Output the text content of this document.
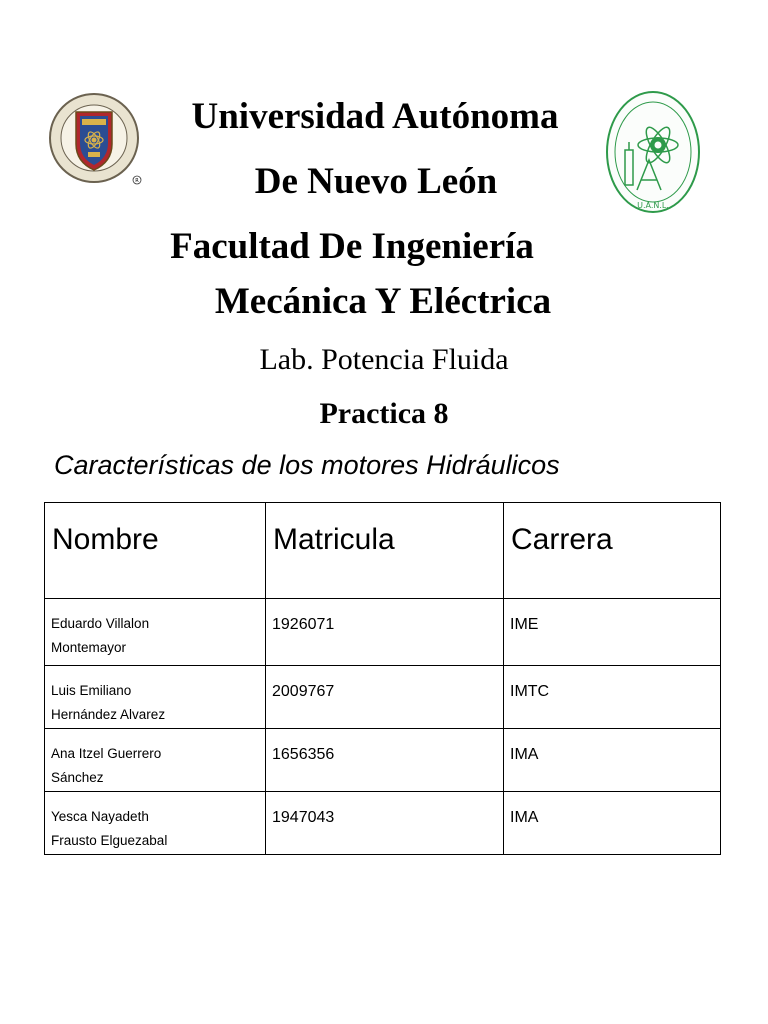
R
U.A.N.L.
Universidad Autónoma
De Nuevo León
Facultad De Ingeniería
Mecánica Y Eléctrica
Lab. Potencia Fluida
Practica 8
Características de los motores Hidráulicos
Nombre	Matricula	Carrera

Eduardo Villalon
Montemayor	1926071	IME

Luis Emiliano
Hernández Alvarez	2009767	IMTC

Ana Itzel Guerrero
Sánchez	1656356	IMA

Yesca Nayadeth
Frausto Elguezabal	1947043	IMA
